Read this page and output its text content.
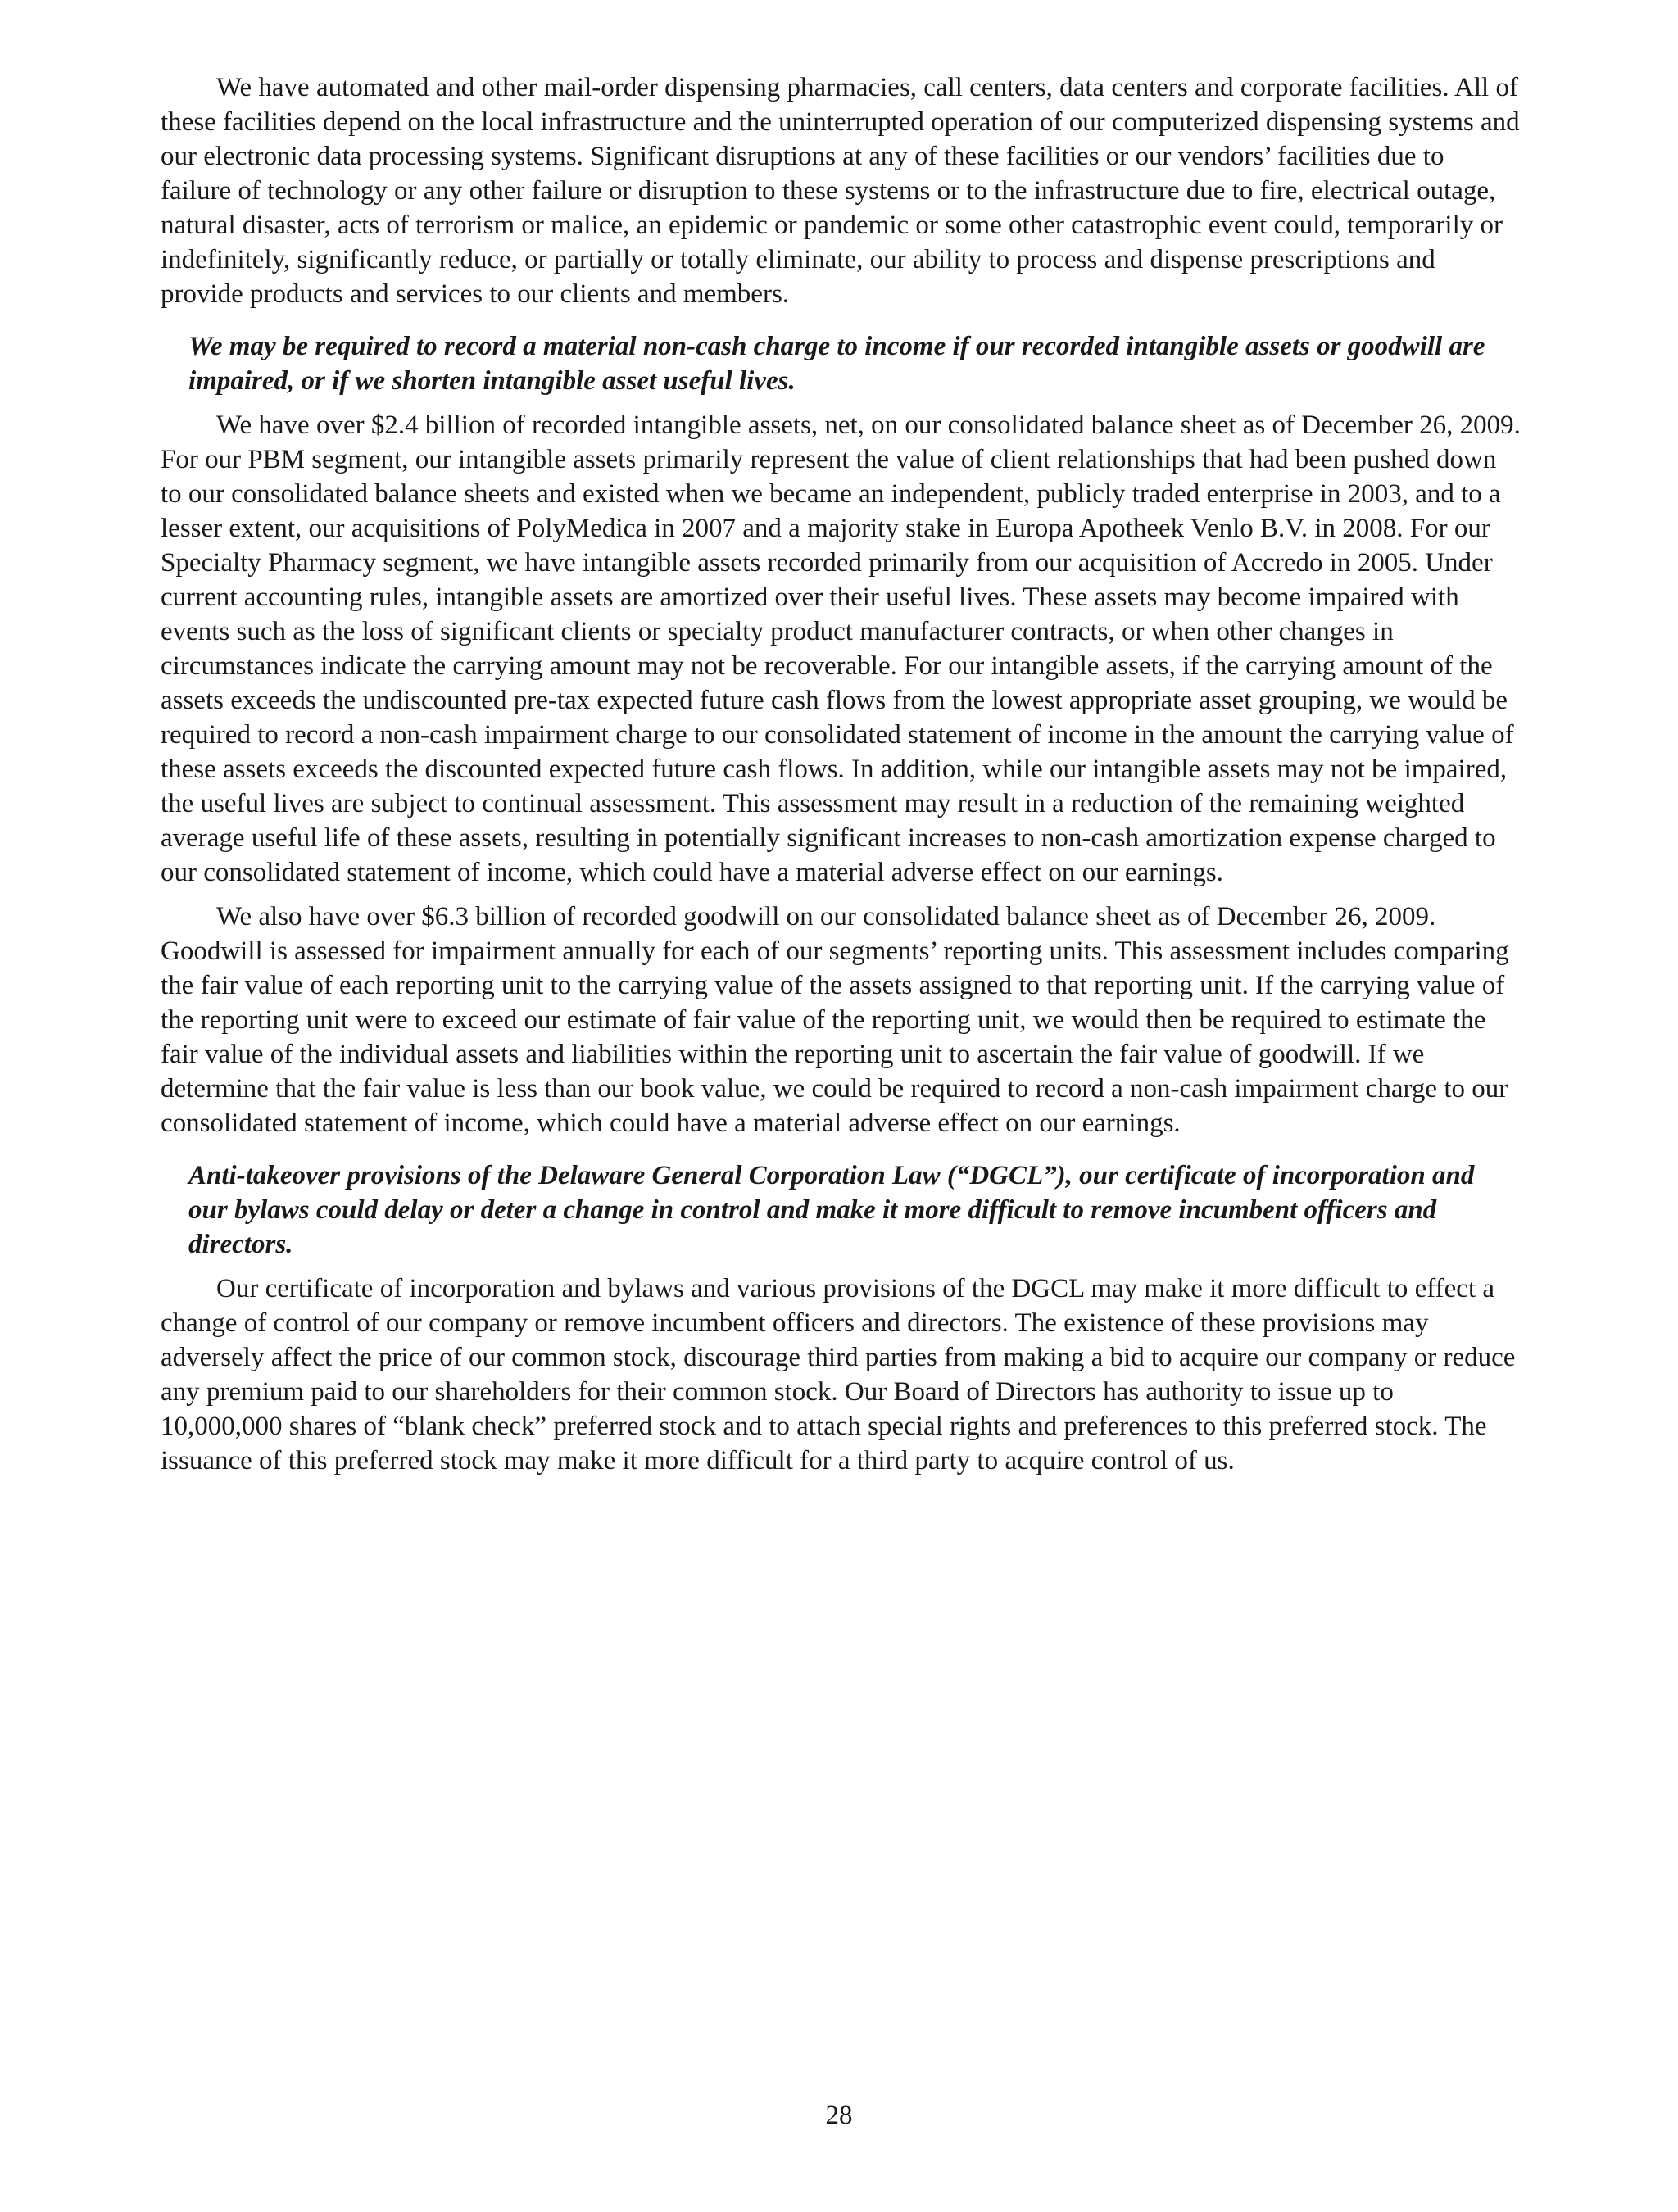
We have automated and other mail-order dispensing pharmacies, call centers, data centers and corporate facilities. All of these facilities depend on the local infrastructure and the uninterrupted operation of our computerized dispensing systems and our electronic data processing systems. Significant disruptions at any of these facilities or our vendors’ facilities due to failure of technology or any other failure or disruption to these systems or to the infrastructure due to fire, electrical outage, natural disaster, acts of terrorism or malice, an epidemic or pandemic or some other catastrophic event could, temporarily or indefinitely, significantly reduce, or partially or totally eliminate, our ability to process and dispense prescriptions and provide products and services to our clients and members.

We may be required to record a material non-cash charge to income if our recorded intangible assets or goodwill are impaired, or if we shorten intangible asset useful lives.

We have over $2.4 billion of recorded intangible assets, net, on our consolidated balance sheet as of December 26, 2009. For our PBM segment, our intangible assets primarily represent the value of client relationships that had been pushed down to our consolidated balance sheets and existed when we became an independent, publicly traded enterprise in 2003, and to a lesser extent, our acquisitions of PolyMedica in 2007 and a majority stake in Europa Apotheek Venlo B.V. in 2008. For our Specialty Pharmacy segment, we have intangible assets recorded primarily from our acquisition of Accredo in 2005. Under current accounting rules, intangible assets are amortized over their useful lives. These assets may become impaired with events such as the loss of significant clients or specialty product manufacturer contracts, or when other changes in circumstances indicate the carrying amount may not be recoverable. For our intangible assets, if the carrying amount of the assets exceeds the undiscounted pre-tax expected future cash flows from the lowest appropriate asset grouping, we would be required to record a non-cash impairment charge to our consolidated statement of income in the amount the carrying value of these assets exceeds the discounted expected future cash flows. In addition, while our intangible assets may not be impaired, the useful lives are subject to continual assessment. This assessment may result in a reduction of the remaining weighted average useful life of these assets, resulting in potentially significant increases to non-cash amortization expense charged to our consolidated statement of income, which could have a material adverse effect on our earnings.

We also have over $6.3 billion of recorded goodwill on our consolidated balance sheet as of December 26, 2009. Goodwill is assessed for impairment annually for each of our segments’ reporting units. This assessment includes comparing the fair value of each reporting unit to the carrying value of the assets assigned to that reporting unit. If the carrying value of the reporting unit were to exceed our estimate of fair value of the reporting unit, we would then be required to estimate the fair value of the individual assets and liabilities within the reporting unit to ascertain the fair value of goodwill. If we determine that the fair value is less than our book value, we could be required to record a non-cash impairment charge to our consolidated statement of income, which could have a material adverse effect on our earnings.

Anti-takeover provisions of the Delaware General Corporation Law (“DGCL”), our certificate of incorporation and our bylaws could delay or deter a change in control and make it more difficult to remove incumbent officers and directors.

Our certificate of incorporation and bylaws and various provisions of the DGCL may make it more difficult to effect a change of control of our company or remove incumbent officers and directors. The existence of these provisions may adversely affect the price of our common stock, discourage third parties from making a bid to acquire our company or reduce any premium paid to our shareholders for their common stock. Our Board of Directors has authority to issue up to 10,000,000 shares of “blank check” preferred stock and to attach special rights and preferences to this preferred stock. The issuance of this preferred stock may make it more difficult for a third party to acquire control of us.

28
